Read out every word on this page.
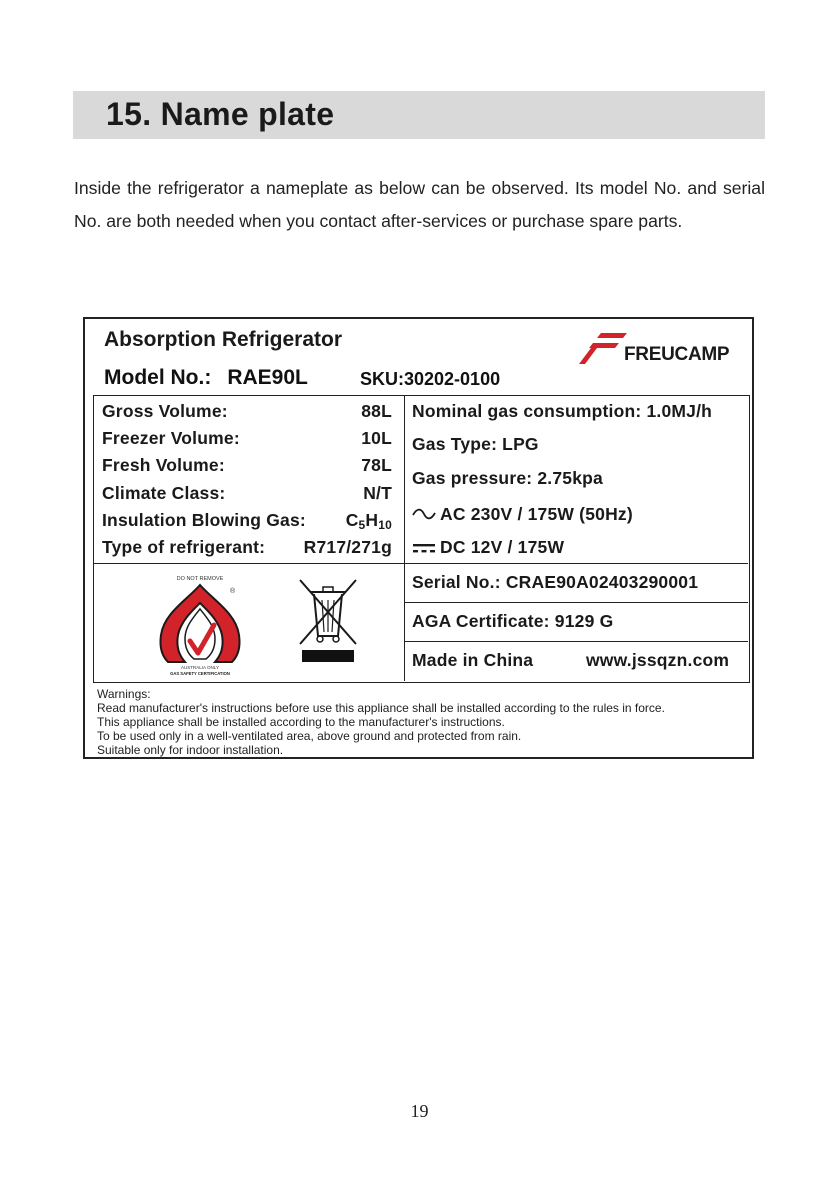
15. Name plate

Inside the refrigerator a nameplate as below can be observed. Its model No. and serial No. are both needed when you contact after-services or purchase spare parts.

Absorption Refrigerator
Model No.: RAE90L	SKU:30202-0100
FREUCAMP
Gross Volume:	88L
Freezer Volume:	10L
Fresh Volume:	78L
Climate Class:	N/T
Insulation Blowing Gas: $C_5H_{10}$
Type of refrigerant: R717/271g
Nominal gas consumption: 1.0MJ/h
Gas Type: LPG
Gas pressure: 2.75kpa
AC 230V / 175W (50Hz)
DC 12V / 175W
DO NOT REMOVE
®
AUSTRALIA ONLY
GAS SAFETY CERTIFICATION
Serial No.: CRAE90A02403290001
AGA Certificate: 9129 G
Made in China	www.jssqzn.com
Warnings:
Read manufacturer's instructions before use this appliance shall be installed according to the rules in force.
This appliance shall be installed according to the manufacturer's instructions.
To be used only in a well-ventilated area, above ground and protected from rain.
Suitable only for indoor installation.
19
